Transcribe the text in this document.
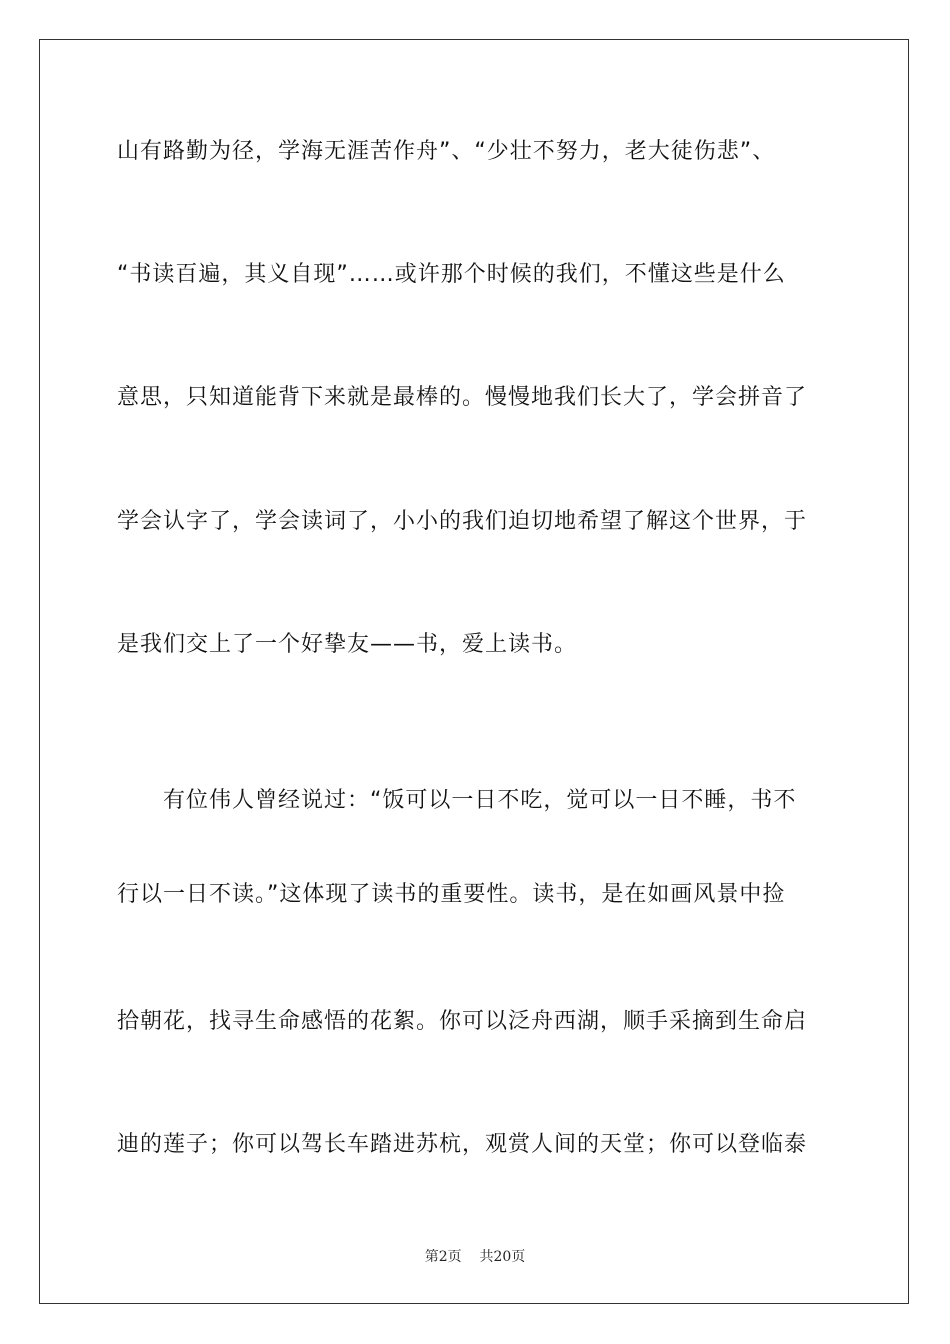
山有路勤为径，学海无涯苦作舟”、“少壮不努力，老大徒伤悲”、
“书读百遍，其义自现”……或许那个时候的我们，不懂这些是什么
意思，只知道能背下来就是最棒的。慢慢地我们长大了，学会拼音了
学会认字了，学会读词了，小小的我们迫切地希望了解这个世界，于
是我们交上了一个好挚友——书，爱上读书。
有位伟人曾经说过：“饭可以一日不吃，觉可以一日不睡，书不
行以一日不读。”这体现了读书的重要性。读书，是在如画风景中捡
拾朝花，找寻生命感悟的花絮。你可以泛舟西湖，顺手采摘到生命启
迪的莲子；你可以驾长车踏进苏杭，观赏人间的天堂；你可以登临泰
第2页 共20页
